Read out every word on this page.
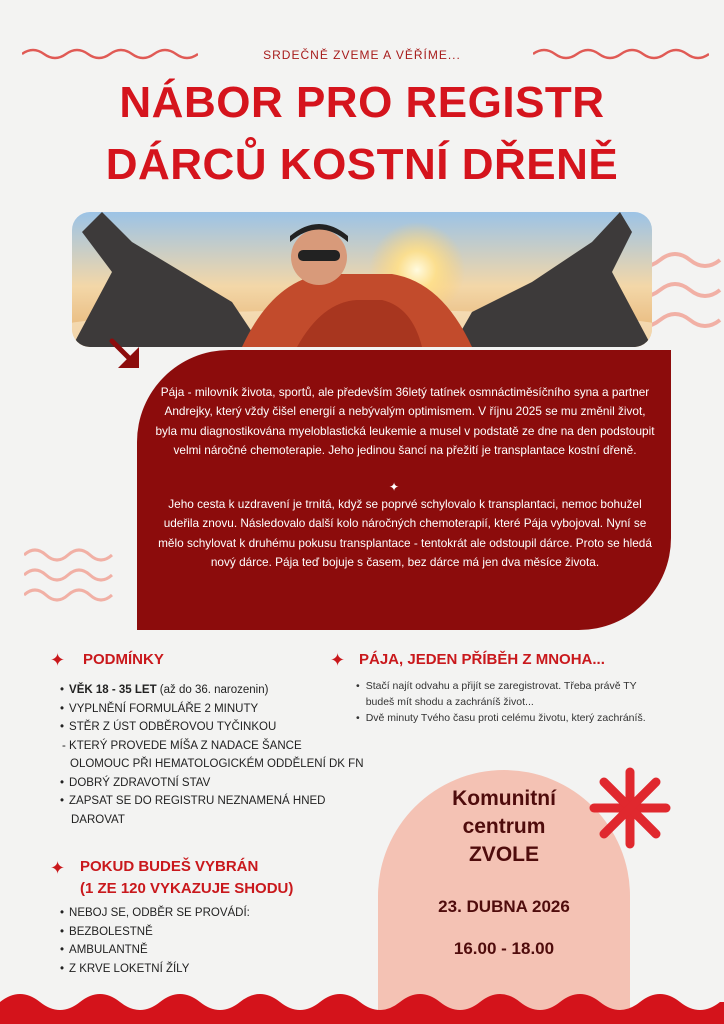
SRDEČNĚ ZVEME A VĚŘÍME...
NÁBOR PRO REGISTR
DÁRCŮ KOSTNÍ DŘENĚ
Pája - milovník života, sportů, ale především 36letý tatínek osmnáctiměsíčního syna a partner Andrejky, který vždy čišel energií a nebývalým optimismem. V říjnu 2025 se mu změnil život, byla mu diagnostikována myeloblastická leukemie a musel v podstatě ze dne na den podstoupit velmi náročné chemoterapie. Jeho jedinou šancí na přežití je transplantace kostní dřeně.
✦
Jeho cesta k uzdravení je trnitá, když se poprvé schylovalo k transplantaci, nemoc bohužel udeřila znovu. Následovalo další kolo náročných chemoterapií, které Pája vybojoval. Nyní se mělo schylovat k druhému pokusu transplantace - tentokrát ale odstoupil dárce. Proto se hledá nový dárce. Pája teď bojuje s časem, bez dárce má jen dva měsíce života.
✦ PODMÍNKY
• VĚK 18 - 35 LET (až do 36. narozenin)
• VYPLNĚNÍ FORMULÁŘE 2 MINUTY
• STĚR Z ÚST ODBĚROVOU TYČINKOU
- KTERÝ PROVEDE MÍŠA Z NADACE ŠANCE
OLOMOUC PŘI HEMATOLOGICKÉM ODDĚLENÍ DK FN
• DOBRÝ ZDRAVOTNÍ STAV
• ZAPSAT SE DO REGISTRU NEZNAMENÁ HNED
DAROVAT
✦ POKUD BUDEŠ VYBRÁN
(1 ZE 120 VYKAZUJE SHODU)
• NEBOJ SE, ODBĚR SE PROVÁDÍ:
• BEZBOLESTNĚ
• AMBULANTNĚ
• Z KRVE LOKETNÍ ŽÍLY
✦ PÁJA, JEDEN PŘÍBĚH Z MNOHA...
• Stačí najít odvahu a přijít se zaregistrovat. Třeba právě TY budeš mít shodu a zachráníš život...
• Dvě minuty Tvého času proti celému životu, který zachráníš.
Komunitní
centrum
ZVOLE
23. DUBNA 2026
16.00 - 18.00
